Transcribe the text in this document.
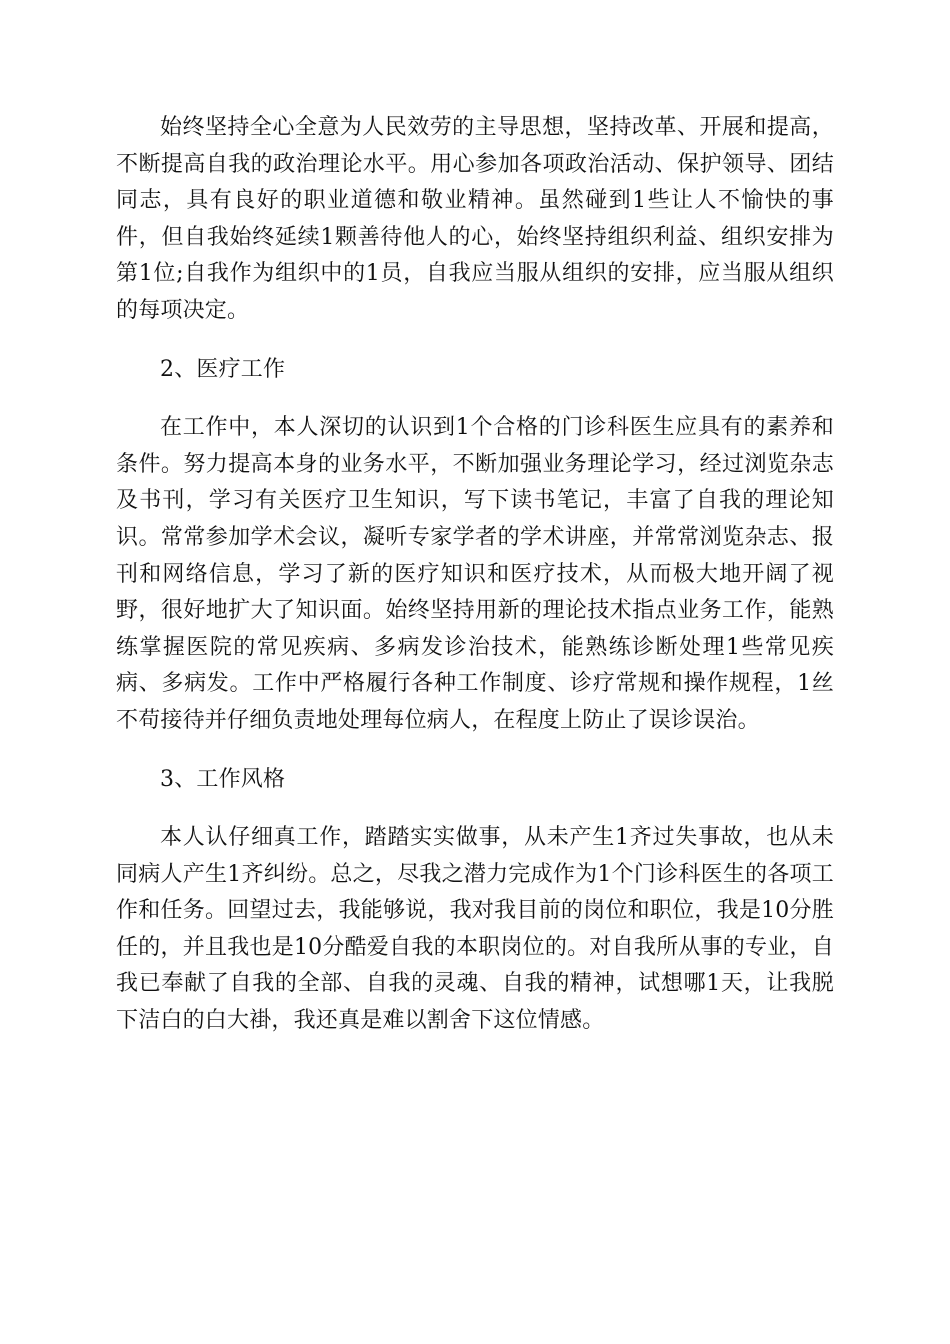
始终坚持全心全意为人民效劳的主导思想，坚持改革、开展和提高，不断提高自我的政治理论水平。用心参加各项政治活动、保护领导、团结同志，具有良好的职业道德和敬业精神。虽然碰到1些让人不愉快的事件，但自我始终延续1颗善待他人的心，始终坚持组织利益、组织安排为第1位;自我作为组织中的1员，自我应当服从组织的安排，应当服从组织的每项决定。

2、医疗工作

在工作中，本人深切的认识到1个合格的门诊科医生应具有的素养和条件。努力提高本身的业务水平，不断加强业务理论学习，经过浏览杂志及书刊，学习有关医疗卫生知识，写下读书笔记，丰富了自我的理论知识。常常参加学术会议，凝听专家学者的学术讲座，并常常浏览杂志、报刊和网络信息，学习了新的医疗知识和医疗技术，从而极大地开阔了视野，很好地扩大了知识面。始终坚持用新的理论技术指点业务工作，能熟练掌握医院的常见疾病、多病发诊治技术，能熟练诊断处理1些常见疾病、多病发。工作中严格履行各种工作制度、诊疗常规和操作规程，1丝不苟接待并仔细负责地处理每位病人，在程度上防止了误诊误治。

3、工作风格

本人认仔细真工作，踏踏实实做事，从未产生1齐过失事故，也从未同病人产生1齐纠纷。总之，尽我之潜力完成作为1个门诊科医生的各项工作和任务。回望过去，我能够说，我对我目前的岗位和职位，我是10分胜任的，并且我也是10分酷爱自我的本职岗位的。对自我所从事的专业，自我已奉献了自我的全部、自我的灵魂、自我的精神，试想哪1天，让我脱下洁白的白大褂，我还真是难以割舍下这位情感。
